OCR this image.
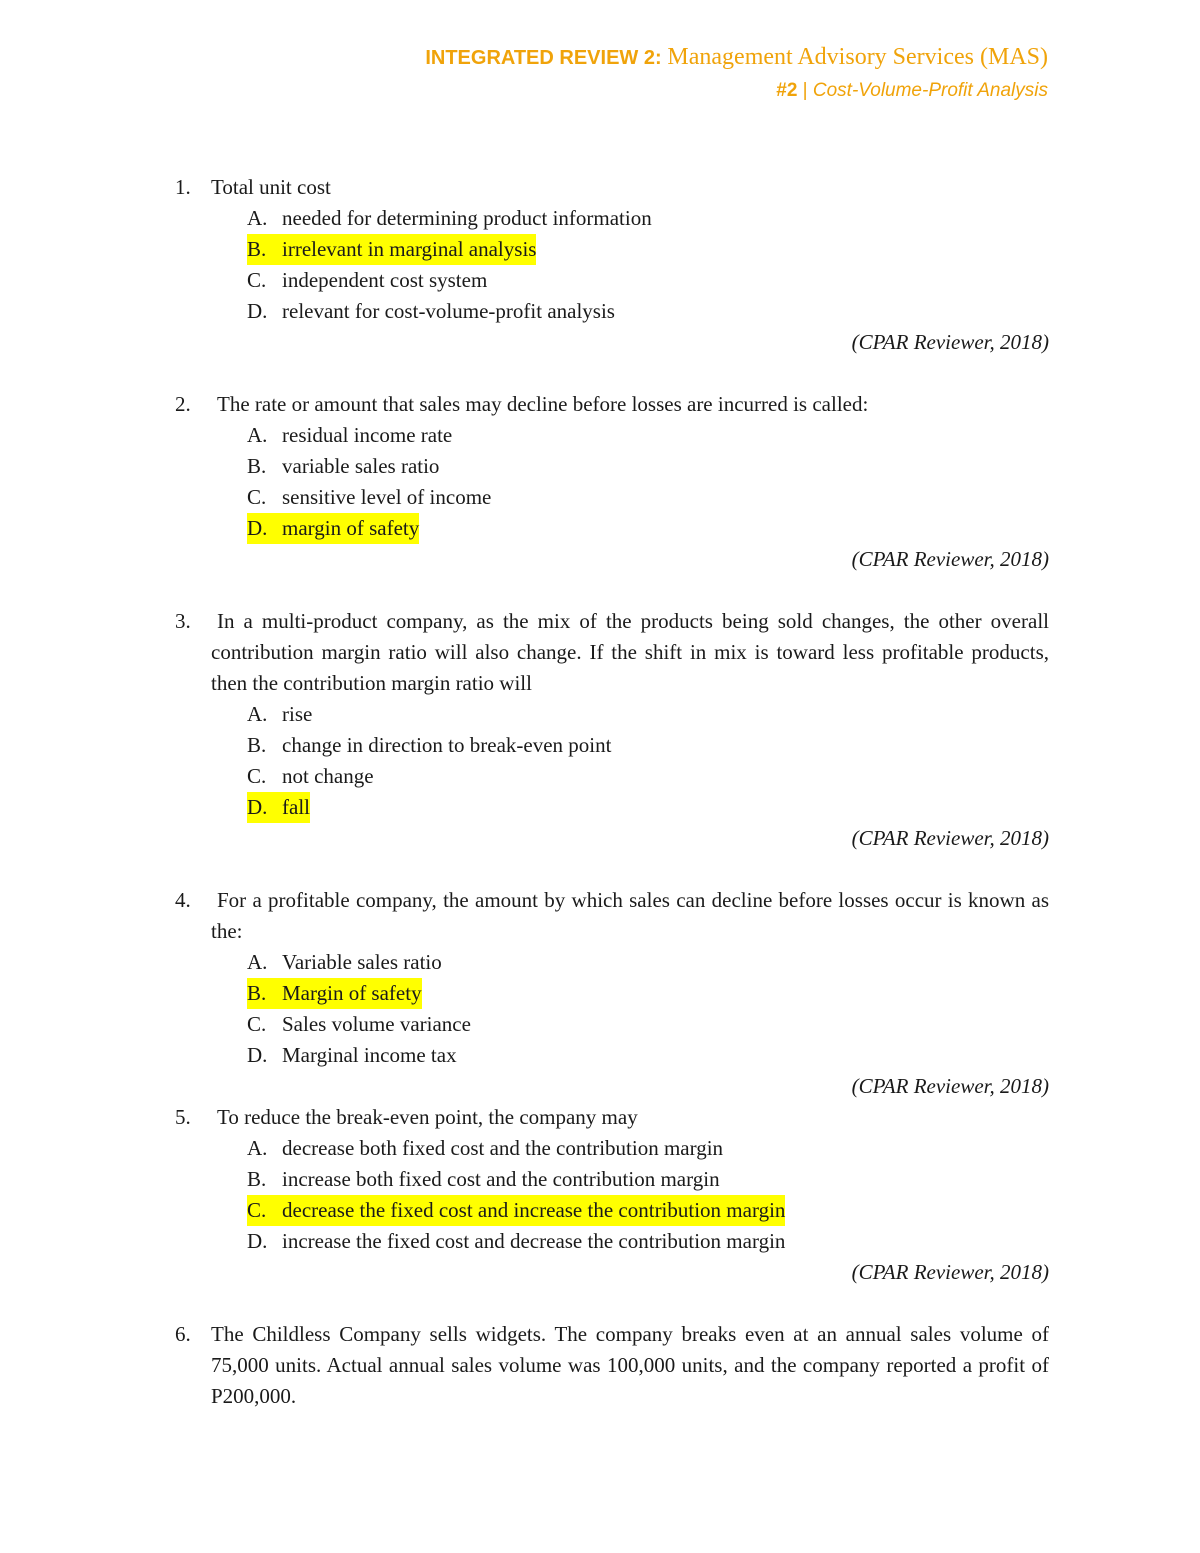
INTEGRATED REVIEW 2: Management Advisory Services (MAS)
#2 | Cost-Volume-Profit Analysis
1. Total unit cost
A. needed for determining product information
B. irrelevant in marginal analysis
C. independent cost system
D. relevant for cost-volume-profit analysis
(CPAR Reviewer, 2018)
2.	The rate or amount that sales may decline before losses are incurred is called:
A. residual income rate
B. variable sales ratio
C. sensitive level of income
D. margin of safety
(CPAR Reviewer, 2018)
3.	In a multi-product company, as the mix of the products being sold changes, the other overall contribution margin ratio will also change. If the shift in mix is toward less profitable products, then the contribution margin ratio will
A. rise
B. change in direction to break-even point
C. not change
D. fall
(CPAR Reviewer, 2018)
4.	For a profitable company, the amount by which sales can decline before losses occur is known as the:
A. Variable sales ratio
B. Margin of safety
C. Sales volume variance
D. Marginal income tax
(CPAR Reviewer, 2018)
5.	To reduce the break-even point, the company may
A. decrease both fixed cost and the contribution margin
B. increase both fixed cost and the contribution margin
C. decrease the fixed cost and increase the contribution margin
D. increase the fixed cost and decrease the contribution margin
(CPAR Reviewer, 2018)
6. The Childless Company sells widgets. The company breaks even at an annual sales volume of 75,000 units. Actual annual sales volume was 100,000 units, and the company reported a profit of P200,000.
